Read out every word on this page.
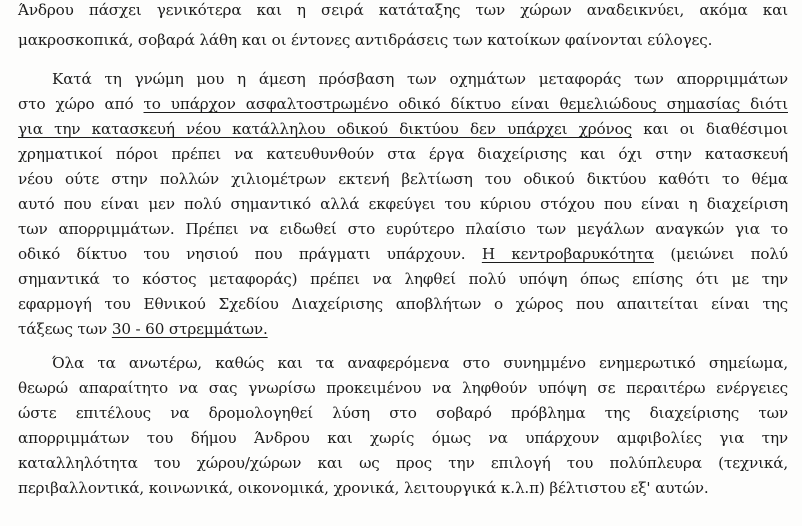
Άνδρου πάσχει γενικότερα και η σειρά κατάταξης των χώρων αναδεικνύει, ακόμα και
μακροσκοπικά, σοβαρά λάθη και οι έντονες αντιδράσεις των κατοίκων φαίνονται εύλογες.
Κατά τη γνώμη μου η άμεση πρόσβαση των οχημάτων μεταφοράς των απορριμμάτων
στο χώρο από το υπάρχον ασφαλτοστρωμένο οδικό δίκτυο είναι θεμελιώδους σημασίας διότι
για την κατασκευή νέου κατάλληλου οδικού δικτύου δεν υπάρχει χρόνος και οι διαθέσιμοι
χρηματικοί πόροι πρέπει να κατευθυνθούν στα έργα διαχείρισης και όχι στην κατασκευή
νέου ούτε στην πολλών χιλιομέτρων εκτενή βελτίωση του οδικού δικτύου καθότι το θέμα
αυτό που είναι μεν πολύ σημαντικό αλλά εκφεύγει του κύριου στόχου που είναι η διαχείριση
των απορριμμάτων. Πρέπει να ειδωθεί στο ευρύτερο πλαίσιο των μεγάλων αναγκών για το
οδικό δίκτυο του νησιού που πράγματι υπάρχουν. Η κεντροβαρυκότητα (μειώνει πολύ
σημαντικά το κόστος μεταφοράς) πρέπει να ληφθεί πολύ υπόψη όπως επίσης ότι με την
εφαρμογή του Εθνικού Σχεδίου Διαχείρισης αποβλήτων ο χώρος που απαιτείται είναι της
τάξεως των 30 - 60 στρεμμάτων.
Όλα τα ανωτέρω, καθώς και τα αναφερόμενα στο συνημμένο ενημερωτικό σημείωμα,
θεωρώ απαραίτητο να σας γνωρίσω προκειμένου να ληφθούν υπόψη σε περαιτέρω ενέργειες
ώστε επιτέλους να δρομολογηθεί λύση στο σοβαρό πρόβλημα της διαχείρισης των
απορριμμάτων του δήμου Άνδρου και χωρίς όμως να υπάρχουν αμφιβολίες για την
καταλληλότητα του χώρου/χώρων και ως προς την επιλογή του πολύπλευρα (τεχνικά,
περιβαλλοντικά, κοινωνικά, οικονομικά, χρονικά, λειτουργικά κ.λ.π) βέλτιστου εξ' αυτών.
